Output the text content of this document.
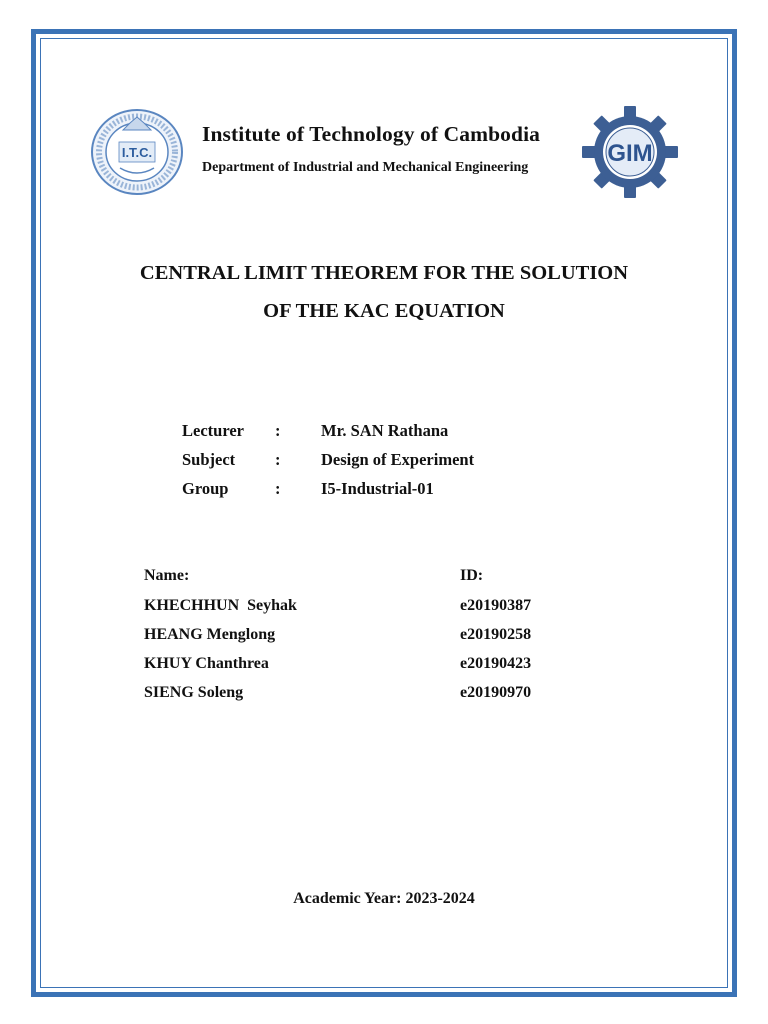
I.T.C.	GIM
Institute of Technology of Cambodia
Department of Industrial and Mechanical Engineering
CENTRAL LIMIT THEOREM FOR THE SOLUTION
OF THE KAC EQUATION
Lecturer : Mr. SAN Rathana
Subject : Design of Experiment
Group	: I5-Industrial-01
Name:	ID:
KHECHHUN  Seyhak	e20190387
HEANG Menglong	e20190258
KHUY Chanthrea	e20190423
SIENG Soleng	e20190970
Academic Year: 2023-2024
